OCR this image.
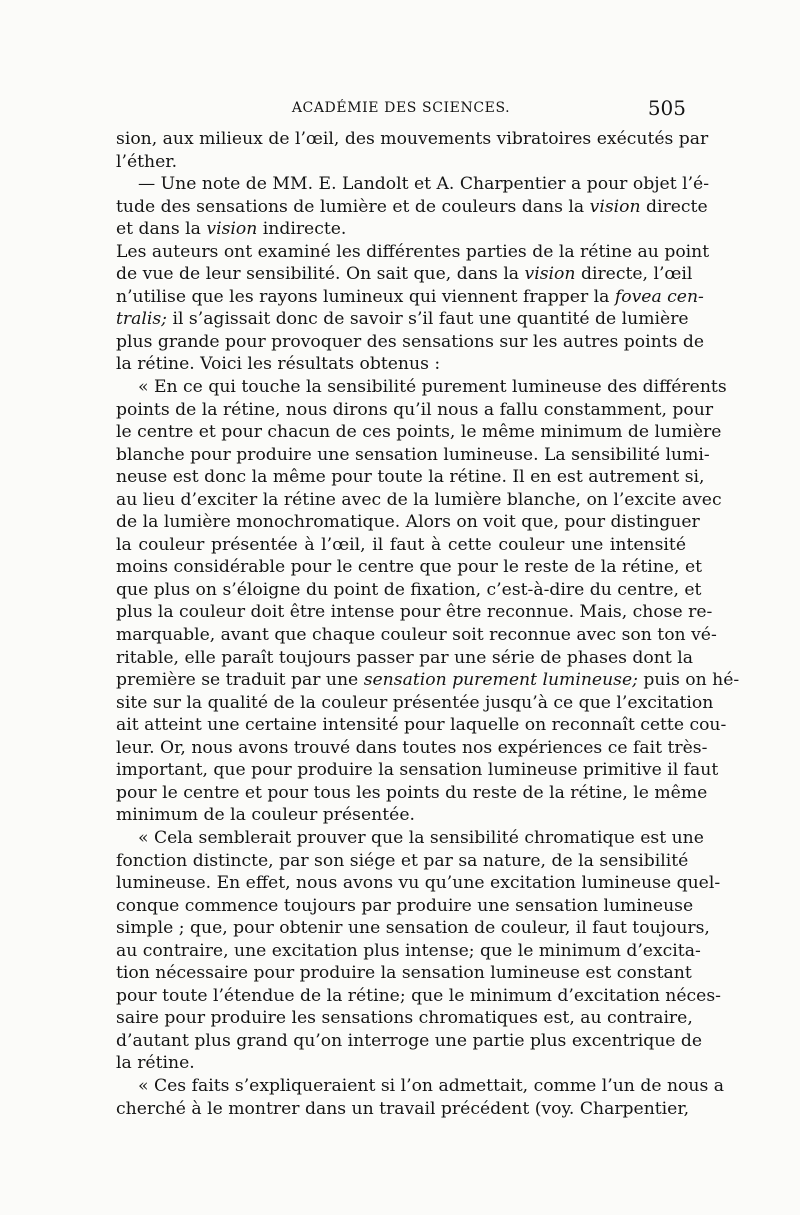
ACADÉMIE DES SCIENCES.	505
sion, aux milieux de l’œil, des mouvements vibratoires exécutés par
l’éther.
— Une note de MM. E. Landolt et A. Charpentier a pour objet l’é-
tude des sensations de lumière et de couleurs dans la vision directe
et dans la vision indirecte.
Les auteurs ont examiné les différentes parties de la rétine au point
de vue de leur sensibilité. On sait que, dans la vision directe, l’œil
n’utilise que les rayons lumineux qui viennent frapper la fovea cen-
tralis; il s’agissait donc de savoir s’il faut une quantité de lumière
plus grande pour provoquer des sensations sur les autres points de
la rétine. Voici les résultats obtenus :
« En ce qui touche la sensibilité purement lumineuse des différents
points de la rétine, nous dirons qu’il nous a fallu constamment, pour
le centre et pour chacun de ces points, le même minimum de lumière
blanche pour produire une sensation lumineuse. La sensibilité lumi-
neuse est donc la même pour toute la rétine. Il en est autrement si,
au lieu d’exciter la rétine avec de la lumière blanche, on l’excite avec
de la lumière monochromatique. Alors on voit que, pour distinguer
la couleur présentée à l’œil, il faut à cette couleur une intensité
moins considérable pour le centre que pour le reste de la rétine, et
que plus on s’éloigne du point de fixation, c’est-à-dire du centre, et
plus la couleur doit être intense pour être reconnue. Mais, chose re-
marquable, avant que chaque couleur soit reconnue avec son ton vé-
ritable, elle paraît toujours passer par une série de phases dont la
première se traduit par une sensation purement lumineuse; puis on hé-
site sur la qualité de la couleur présentée jusqu’à ce que l’excitation
ait atteint une certaine intensité pour laquelle on reconnaît cette cou-
leur. Or, nous avons trouvé dans toutes nos expériences ce fait très-
important, que pour produire la sensation lumineuse primitive il faut
pour le centre et pour tous les points du reste de la rétine, le même
minimum de la couleur présentée.
« Cela semblerait prouver que la sensibilité chromatique est une
fonction distincte, par son siége et par sa nature, de la sensibilité
lumineuse. En effet, nous avons vu qu’une excitation lumineuse quel-
conque commence toujours par produire une sensation lumineuse
simple ; que, pour obtenir une sensation de couleur, il faut toujours,
au contraire, une excitation plus intense; que le minimum d’excita-
tion nécessaire pour produire la sensation lumineuse est constant
pour toute l’étendue de la rétine; que le minimum d’excitation néces-
saire pour produire les sensations chromatiques est, au contraire,
d’autant plus grand qu’on interroge une partie plus excentrique de
la rétine.
« Ces faits s’expliqueraient si l’on admettait, comme l’un de nous a
cherché à le montrer dans un travail précédent (voy. Charpentier,
